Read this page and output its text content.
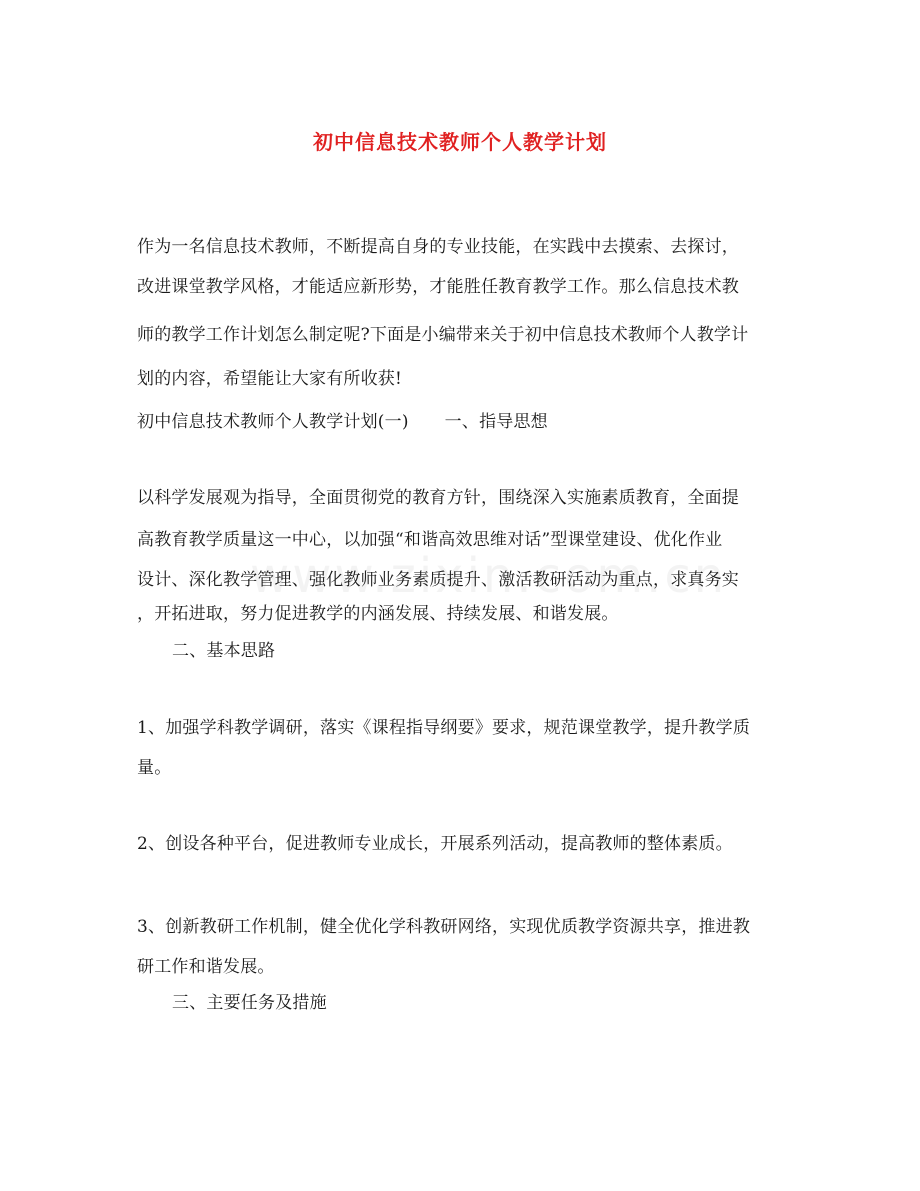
初中信息技术教师个人教学计划
作为一名信息技术教师，不断提高自身的专业技能，在实践中去摸索、去探讨，
改进课堂教学风格，才能适应新形势，才能胜任教育教学工作。那么信息技术教
师的教学工作计划怎么制定呢?下面是小编带来关于初中信息技术教师个人教学计
划的内容，希望能让大家有所收获!
初中信息技术教师个人教学计划(一) 一、指导思想
以科学发展观为指导，全面贯彻党的教育方针，围绕深入实施素质教育，全面提
高教育教学质量这一中心，以加强“和谐高效思维对话”型课堂建设、优化作业
设计、深化教学管理、强化教师业务素质提升、激活教研活动为重点，求真务实
，开拓进取，努力促进教学的内涵发展、持续发展、和谐发展。
二、基本思路
1、加强学科教学调研，落实《课程指导纲要》要求，规范课堂教学，提升教学质
量。
2、创设各种平台，促进教师专业成长，开展系列活动，提高教师的整体素质。
3、创新教研工作机制，健全优化学科教研网络，实现优质教学资源共享，推进教
研工作和谐发展。
三、主要任务及措施
